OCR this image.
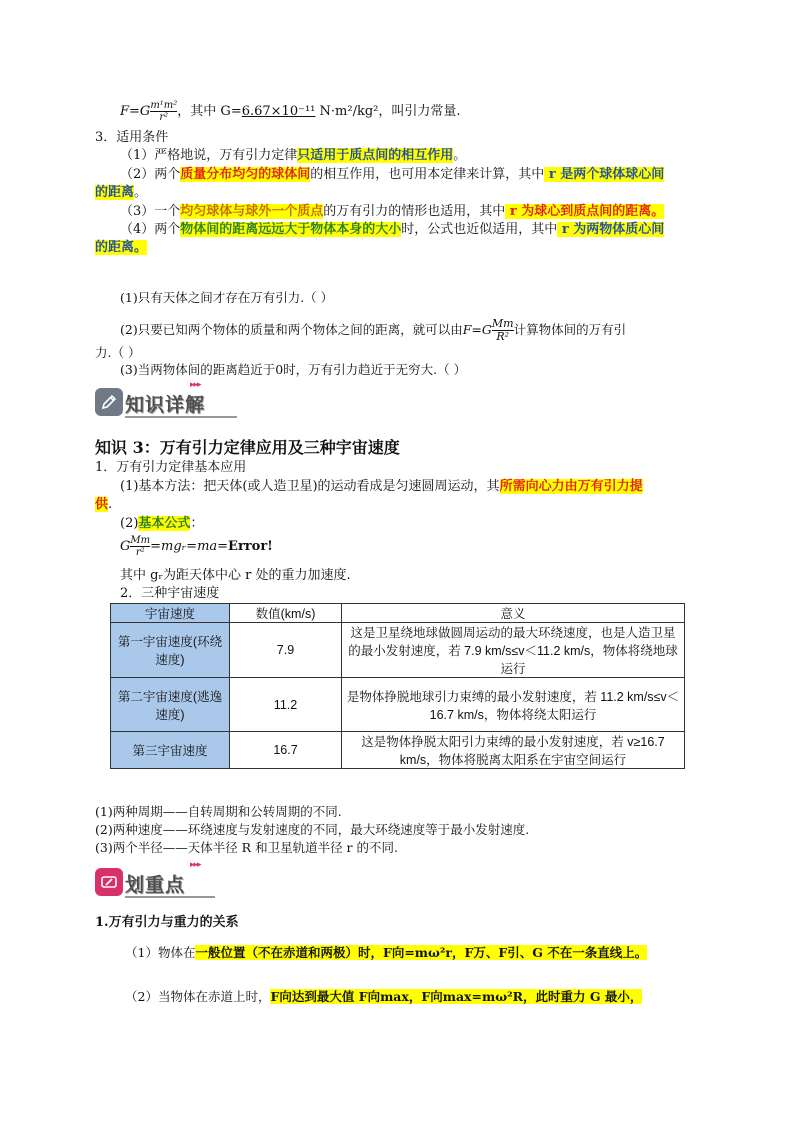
$F=G \frac{\text{m¹m²}}{\text{r²}}$ ，其中 G=6.67×10⁻¹¹ N·m²/kg²，叫引力常量.
3．适用条件
（1）严格地说，万有引力定律只适用于质点间的相互作用。
（2）两个质量分布均匀的球体间的相互作用，也可用本定律来计算，其中 r 是两个球体球心间
的距离。
（3）一个均匀球体与球外一个质点的万有引力的情形也适用，其中 r 为球心到质点间的距离。
（4）两个物体间的距离远远大于物体本身的大小时，公式也近似适用，其中 r 为两物体质心间
的距离。
(1)只有天体之间才存在万有引力.（ ）
(2)只要已知两个物体的质量和两个物体之间的距离，就可以由$F=G \frac{Mm}{\text{R²}}$ 计算物体间的万有引
力.（ ）
(3)当两物体间的距离趋近于0时，万有引力趋近于无穷大.（ ）
▸▸▸
知识详解
知识 3：万有引力定律应用及三种宇宙速度
1．万有引力定律基本应用
(1)基本方法：把天体(或人造卫星)的运动看成是匀速圆周运动，其所需向心力由万有引力提
供.
(2)基本公式：
G $\frac{Mm}{\text{r²}}$ =mgᵣ=ma=Error!
其中 gᵣ为距天体中心 r 处的重力加速度.
2．三种宇宙速度
宇宙速度	数值(km/s)	意义
第一宇宙速度(环绕速度)	7.9	这是卫星绕地球做圆周运动的最大环绕速度，也是人造卫星的最小发射速度，若 7.9 km/s≤v＜11.2 km/s，物体将绕地球运行
第二宇宙速度(逃逸速度)	11.2	是物体挣脱地球引力束缚的最小发射速度，若 11.2 km/s≤v＜16.7 km/s，物体将绕太阳运行
第三宇宙速度	16.7	这是物体挣脱太阳引力束缚的最小发射速度，若 v≥16.7 km/s，物体将脱离太阳系在宇宙空间运行
(1)两种周期——自转周期和公转周期的不同.
(2)两种速度——环绕速度与发射速度的不同，最大环绕速度等于最小发射速度.
(3)两个半径——天体半径 R 和卫星轨道半径 r 的不同.
▸▸▸
划重点
1.万有引力与重力的关系
（1）物体在一般位置（不在赤道和两极）时，F向=mω²r，F万、F引、G 不在一条直线上。
（2）当物体在赤道上时，F向达到最大值 F向max，F向max=mω²R，此时重力 G 最小，
